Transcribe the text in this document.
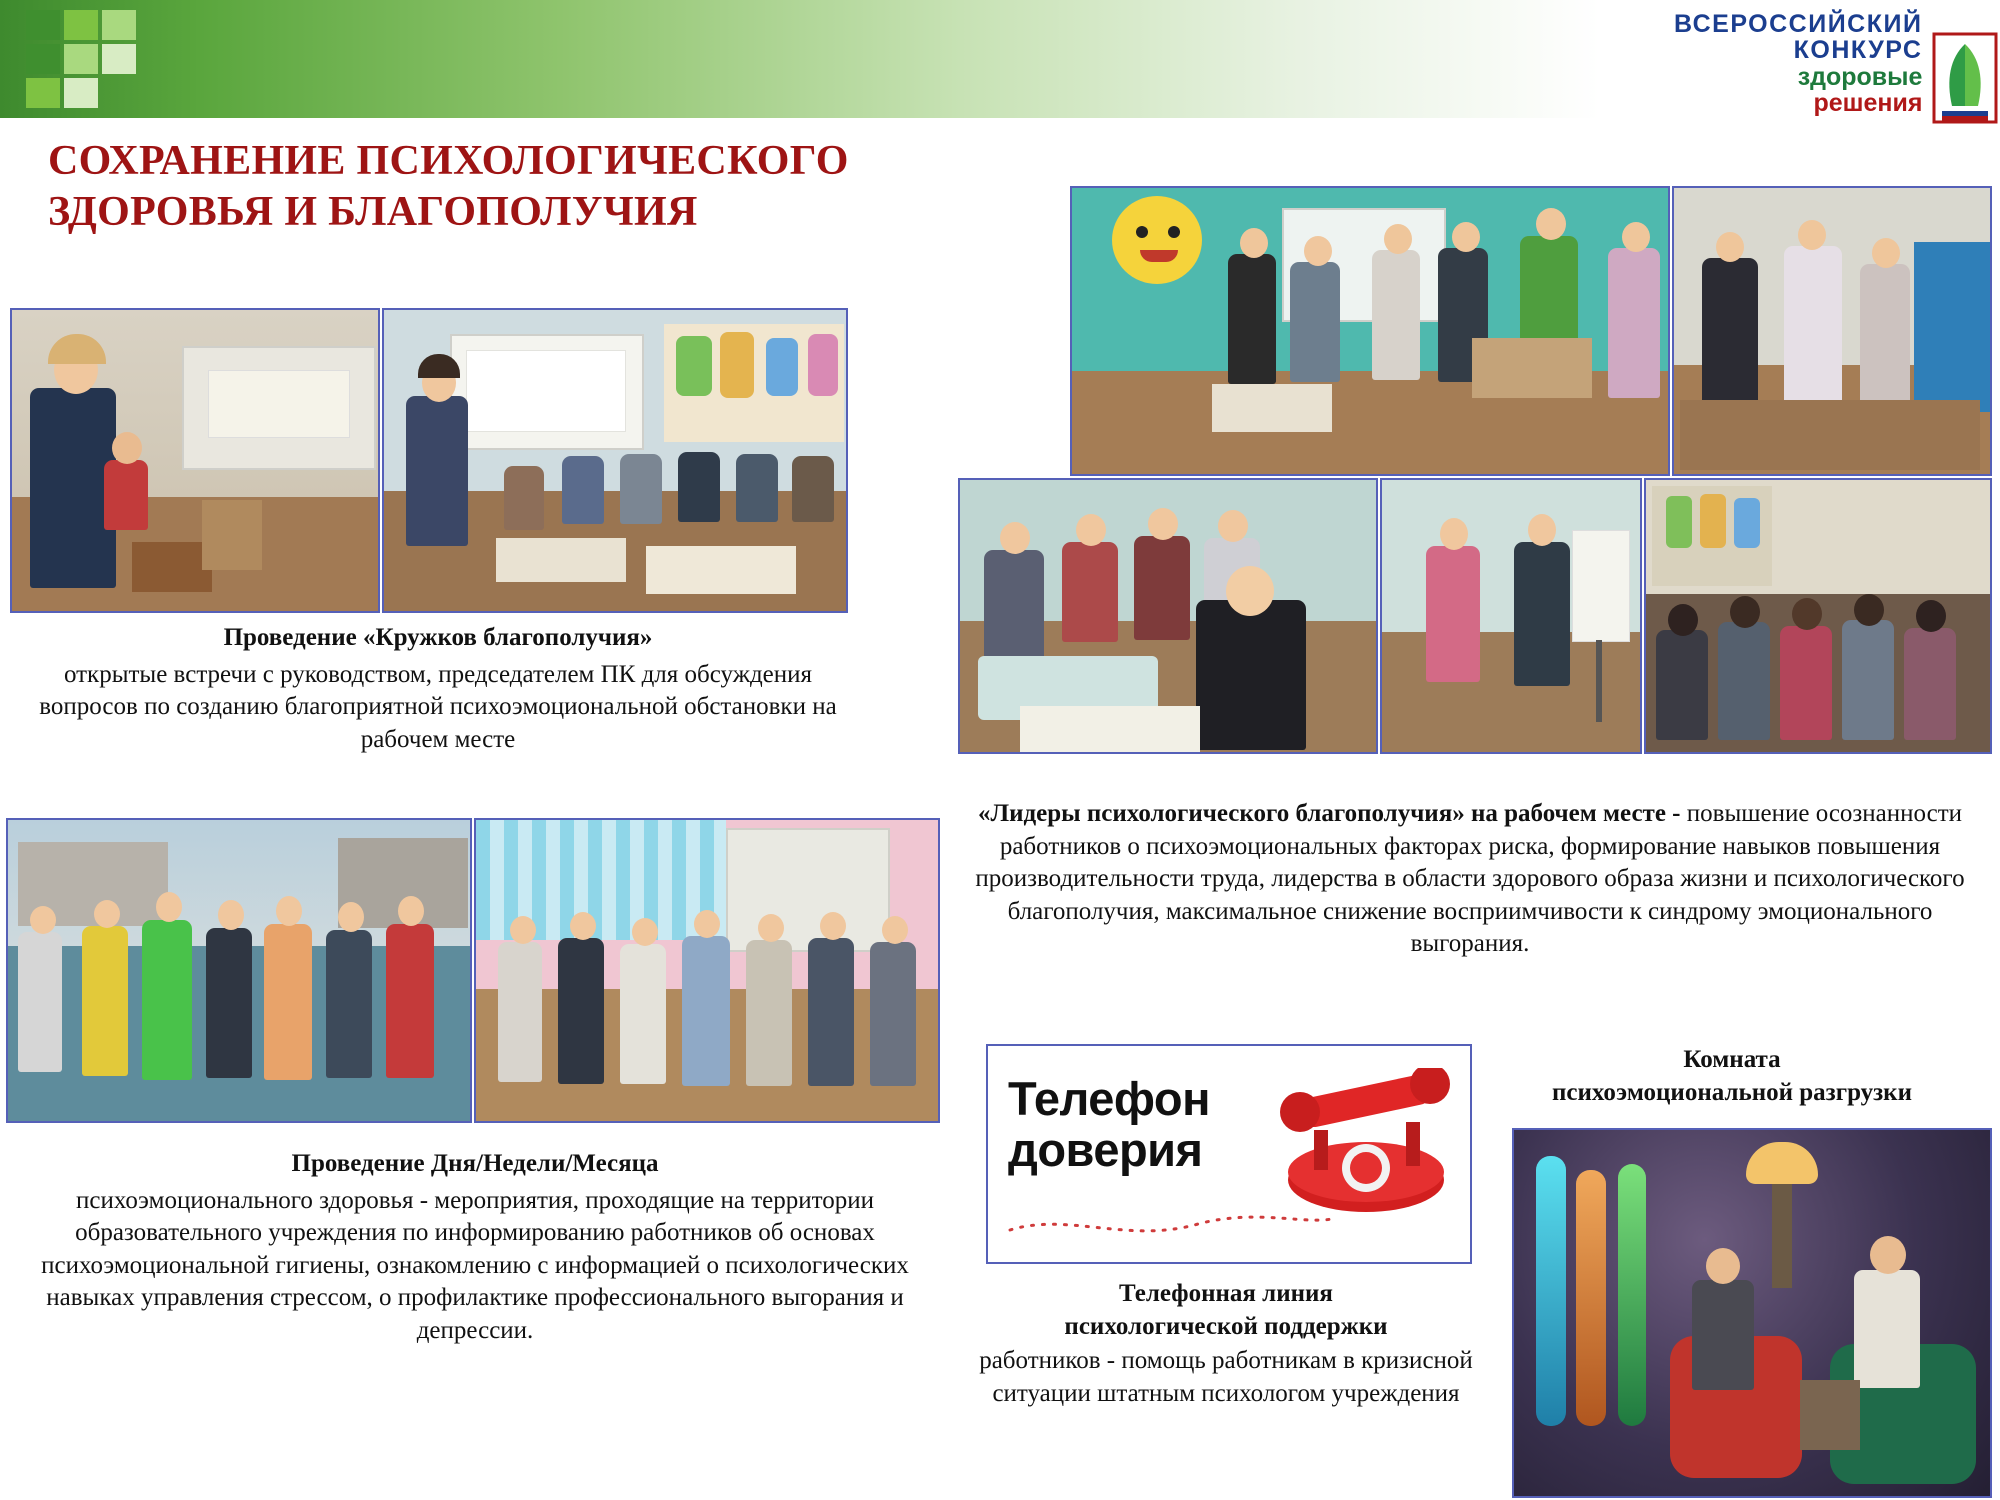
ВСЕРОССИЙСКИЙ
КОНКУРС
здоровые
решения
СОХРАНЕНИЕ ПСИХОЛОГИЧЕСКОГО
ЗДОРОВЬЯ И БЛАГОПОЛУЧИЯ
Проведение «Кружков благополучия»
открытые встречи с руководством, председателем ПК для обсуждения вопросов по созданию благоприятной психоэмоциональной обстановки на рабочем месте
Проведение Дня/Недели/Месяца
психоэмоционального здоровья - мероприятия, проходящие на территории образовательного учреждения по информированию работников об основах психоэмоциональной гигиены, ознакомлению с информацией о психологических навыках управления стрессом, о профилактике профессионального выгорания и депрессии.
«Лидеры психологического благополучия» на рабочем месте - повышение осознанности работников о психоэмоциональных факторах риска, формирование навыков повышения производительности труда, лидерства в области здорового образа жизни и психологического благополучия, максимальное снижение восприимчивости к синдрому эмоционального выгорания.
Телефон
доверия
Телефонная линия
психологической поддержки
работников - помощь работникам в кризисной ситуации штатным психологом учреждения
Комната
психоэмоциональной разгрузки
